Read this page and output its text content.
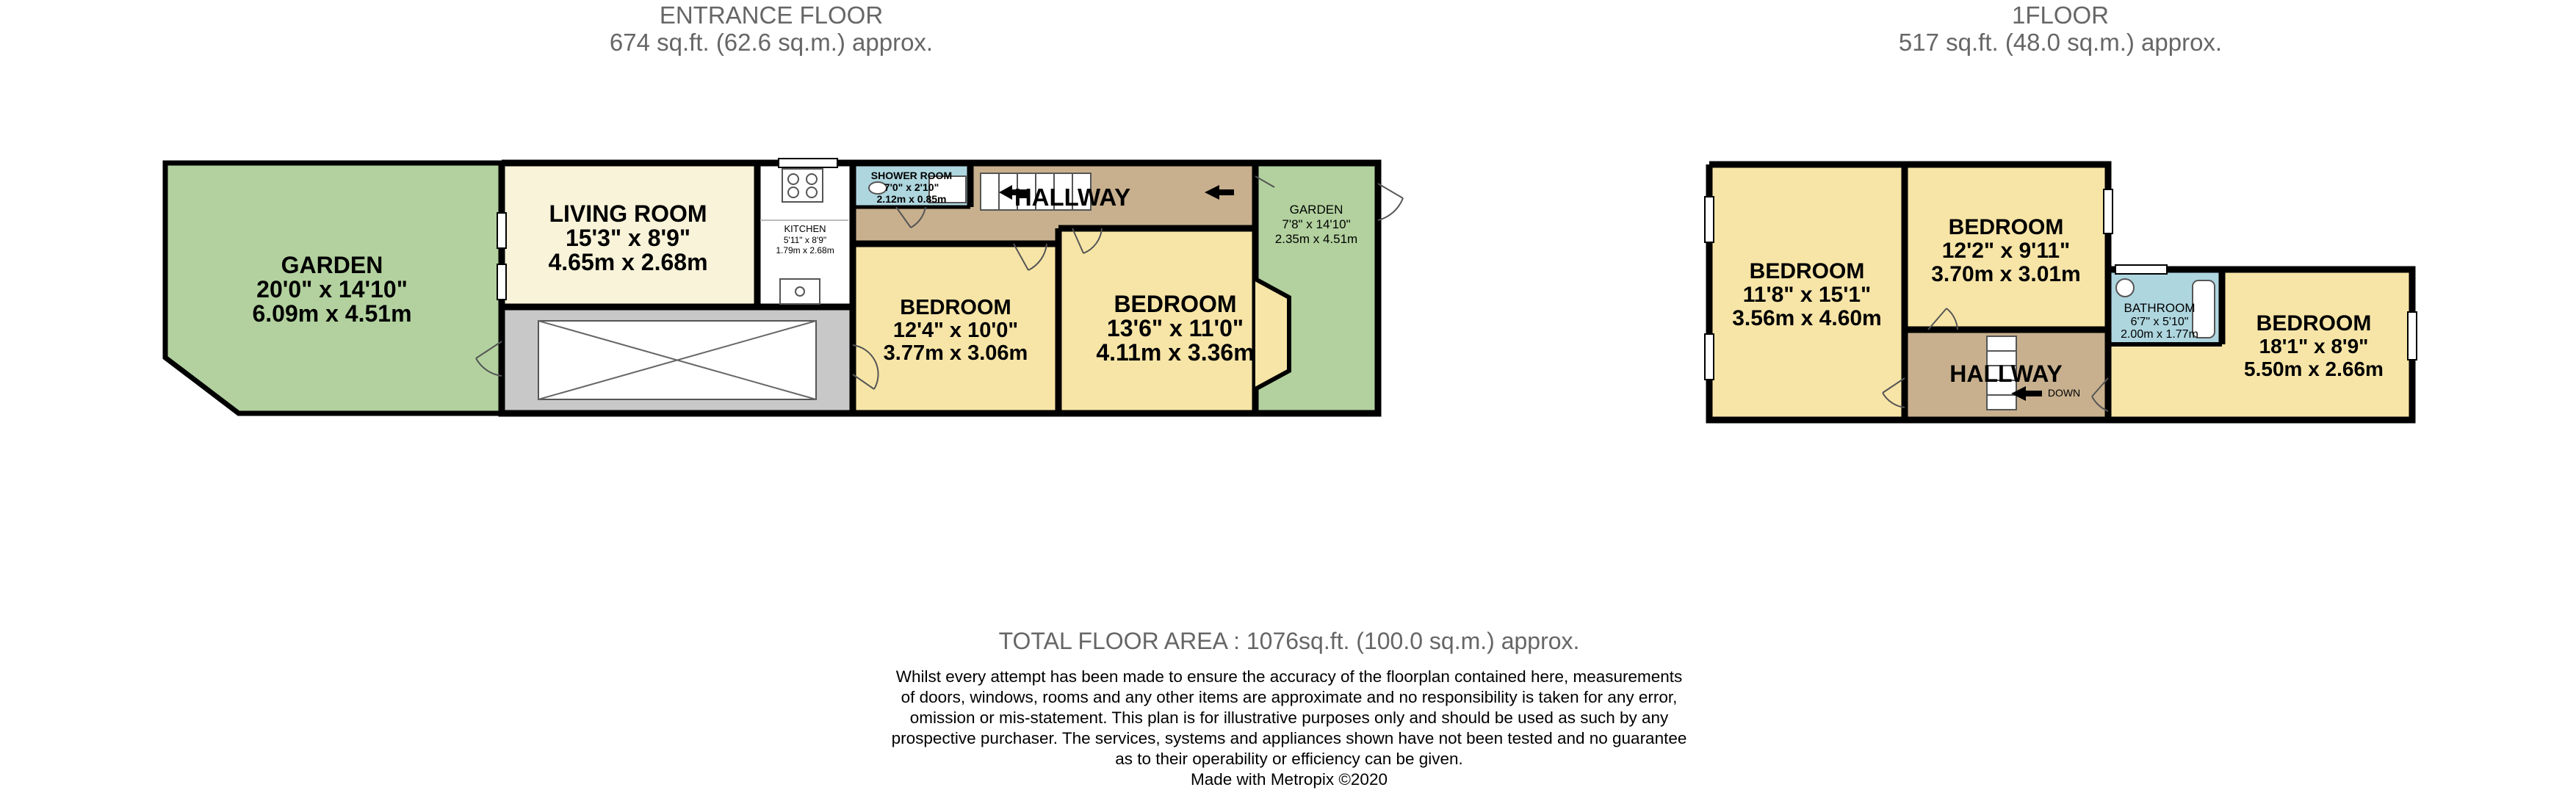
ENTRANCE FLOOR
674 sq.ft. (62.6 sq.m.) approx.
1FLOOR
517 sq.ft. (48.0 sq.m.) approx.
GARDEN
20'0" x 14'10"
6.09m x 4.51m
LIVING ROOM
15'3" x 8'9"
4.65m x 2.68m
KITCHEN
5'11" x 8'9"
1.79m x 2.68m
SHOWER ROOM
7'0" x 2'10"
2.12m x 0.85m	HALLWAY	GARDEN
7'8" x 14'10"
2.35m x 4.51m
BEDROOM
12'4" x 10'0"
3.77m x 3.06m
BEDROOM
13'6" x 11'0"
4.11m x 3.36m
BEDROOM
11'8" x 15'1"
3.56m x 4.60m
BEDROOM
12'2" x 9'11"
3.70m x 3.01m
HALLWAY
DOWN
BATHROOM
6'7" x 5'10"
2.00m x 1.77m	BEDROOM
18'1" x 8'9"
5.50m x 2.66m
TOTAL FLOOR AREA : 1076sq.ft. (100.0 sq.m.) approx.
Whilst every attempt has been made to ensure the accuracy of the floorplan contained here, measurements
of doors, windows, rooms and any other items are approximate and no responsibility is taken for any error,
omission or mis-statement. This plan is for illustrative purposes only and should be used as such by any
prospective purchaser. The services, systems and appliances shown have not been tested and no guarantee
as to their operability or efficiency can be given.
Made with Metropix ©2020
